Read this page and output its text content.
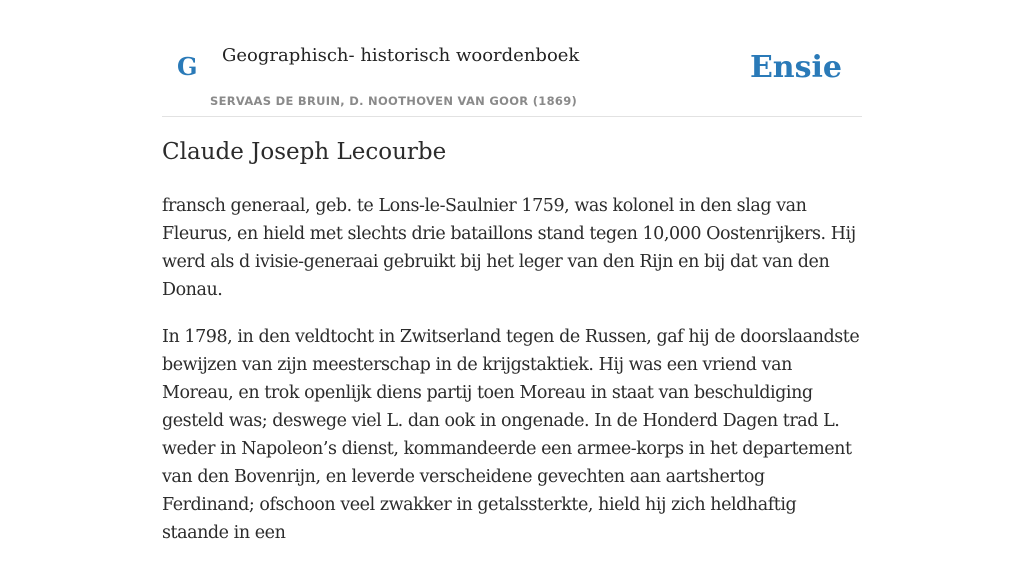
G Geographisch- historisch woordenboek
SERVAAS DE BRUIN, D. NOOTHOVEN VAN GOOR (1869)
Ensie
Claude Joseph Lecourbe

fransch generaal, geb. te Lons-le-Saulnier 1759, was kolonel in den slag van Fleurus, en hield met slechts drie bataillons stand tegen 10,000 Oostenrijkers. Hij werd als d ivisie-generaai gebruikt bij het leger van den Rijn en bij dat van den Donau.

In 1798, in den veldtocht in Zwitserland tegen de Russen, gaf hij de doorslaandste bewijzen van zijn meesterschap in de krijgstaktiek. Hij was een vriend van Moreau, en trok openlijk diens partij toen Moreau in staat van beschuldiging gesteld was; deswege viel L. dan ook in ongenade. In de Honderd Dagen trad L. weder in Napoleon’s dienst, kommandeerde een armee-korps in het departement van den Bovenrijn, en leverde verscheidene gevechten aan aartshertog Ferdinand; ofschoon veel zwakker in getalssterkte, hield hij zich heldhaftig staande in een
